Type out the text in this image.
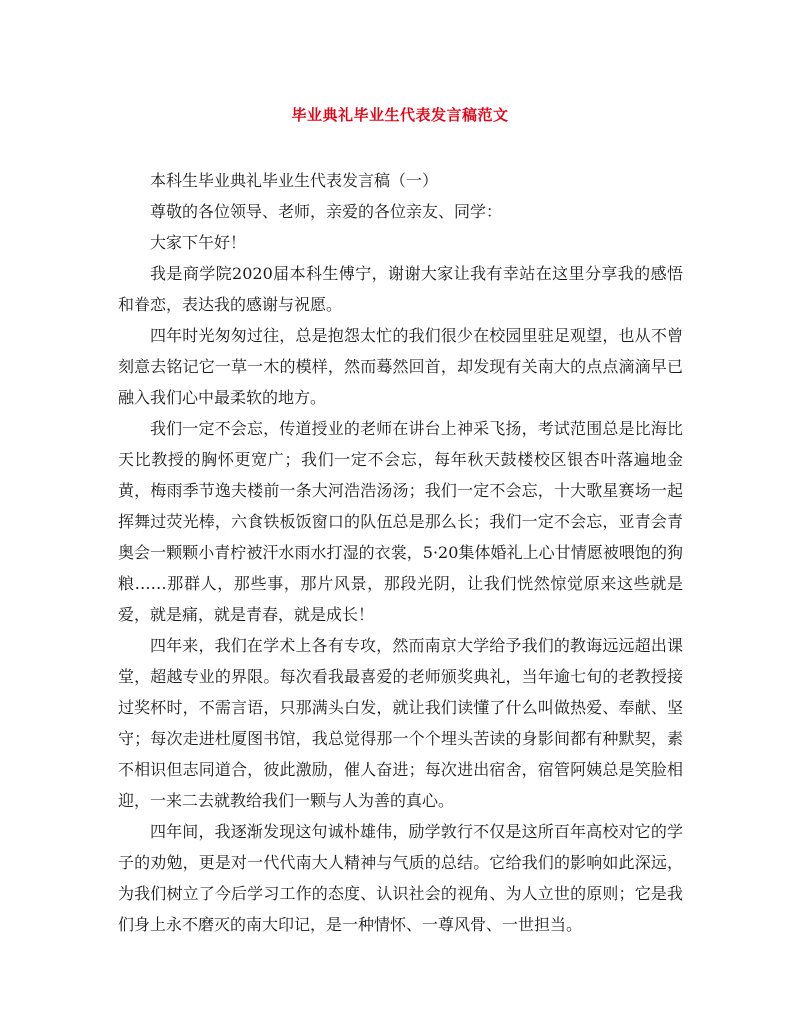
毕业典礼毕业生代表发言稿范文

本科生毕业典礼毕业生代表发言稿（一）

尊敬的各位领导、老师，亲爱的各位亲友、同学：

大家下午好！

我是商学院2020届本科生傅宁，谢谢大家让我有幸站在这里分享我的感悟和眷恋，表达我的感谢与祝愿。

四年时光匆匆过往，总是抱怨太忙的我们很少在校园里驻足观望，也从不曾刻意去铭记它一草一木的模样，然而蓦然回首，却发现有关南大的点点滴滴早已融入我们心中最柔软的地方。

我们一定不会忘，传道授业的老师在讲台上神采飞扬，考试范围总是比海比天比教授的胸怀更宽广；我们一定不会忘，每年秋天鼓楼校区银杏叶落遍地金黄，梅雨季节逸夫楼前一条大河浩浩汤汤；我们一定不会忘，十大歌星赛场一起挥舞过荧光棒，六食铁板饭窗口的队伍总是那么长；我们一定不会忘，亚青会青奥会一颗颗小青柠被汗水雨水打湿的衣裳，5·20集体婚礼上心甘情愿被喂饱的狗粮……那群人，那些事，那片风景，那段光阴，让我们恍然惊觉原来这些就是爱，就是痛，就是青春，就是成长！

四年来，我们在学术上各有专攻，然而南京大学给予我们的教诲远远超出课堂，超越专业的界限。每次看我最喜爱的老师颁奖典礼，当年逾七旬的老教授接过奖杯时，不需言语，只那满头白发，就让我们读懂了什么叫做热爱、奉献、坚守；每次走进杜厦图书馆，我总觉得那一个个埋头苦读的身影间都有种默契，素不相识但志同道合，彼此激励，催人奋进；每次进出宿舍，宿管阿姨总是笑脸相迎，一来二去就教给我们一颗与人为善的真心。

四年间，我逐渐发现这句诚朴雄伟，励学敦行不仅是这所百年高校对它的学子的劝勉，更是对一代代南大人精神与气质的总结。它给我们的影响如此深远，为我们树立了今后学习工作的态度、认识社会的视角、为人立世的原则；它是我们身上永不磨灭的南大印记，是一种情怀、一尊风骨、一世担当。
